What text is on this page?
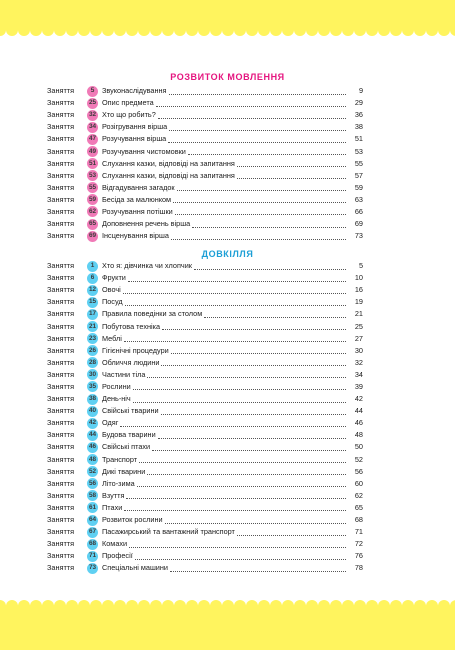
РОЗВИТОК МОВЛЕННЯ
Заняття	5	Звуконаслідування	9
Заняття	25 Опис предмета	29
Заняття	32 Хто що робить?	36
Заняття	34 Розігрування вірша	38
Заняття	47 Розучування вірша	51
Заняття	49 Розучування чистомовки	53
Заняття	51 Слухання казки, відповіді на запитання	55
Заняття	53 Слухання казки, відповіді на запитання	57
Заняття	55 Відгадування загадок	59
Заняття	59 Бесіда за малюнком	63
Заняття	62 Розучування потішки	66
Заняття	65 Доповнення речень вірша	69
Заняття	69 Інсценування вірша	73
ДОВКІЛЛЯ
Заняття	1	Хто я: дівчинка чи хлопчик	5
Заняття	6	Фрукти	10
Заняття	12 Овочі	16
Заняття	15 Посуд	19
Заняття	17 Правила поведінки за столом	21
Заняття	21 Побутова техніка	25
Заняття	23 Меблі	27
Заняття	26 Гігієнічні процедури	30
Заняття	28 Обличчя людини	32
Заняття	30 Частини тіла	34
Заняття	35 Рослини	39
Заняття	38 День-ніч	42
Заняття	40 Свійські тварини	44
Заняття	42 Одяг	46
Заняття	44 Будова тварини	48
Заняття	46 Свійські птахи	50
Заняття	48 Транспорт	52
Заняття	52 Дикі тварини	56
Заняття	56 Літо-зима	60
Заняття	58 Взуття	62
Заняття	61 Птахи	65
Заняття	64 Розвиток рослини	68
Заняття	67 Пасажирський та вантажний транспорт	71
Заняття	68 Комахи	72
Заняття	71 Професії	76
Заняття	73 Спеціальні машини	78
